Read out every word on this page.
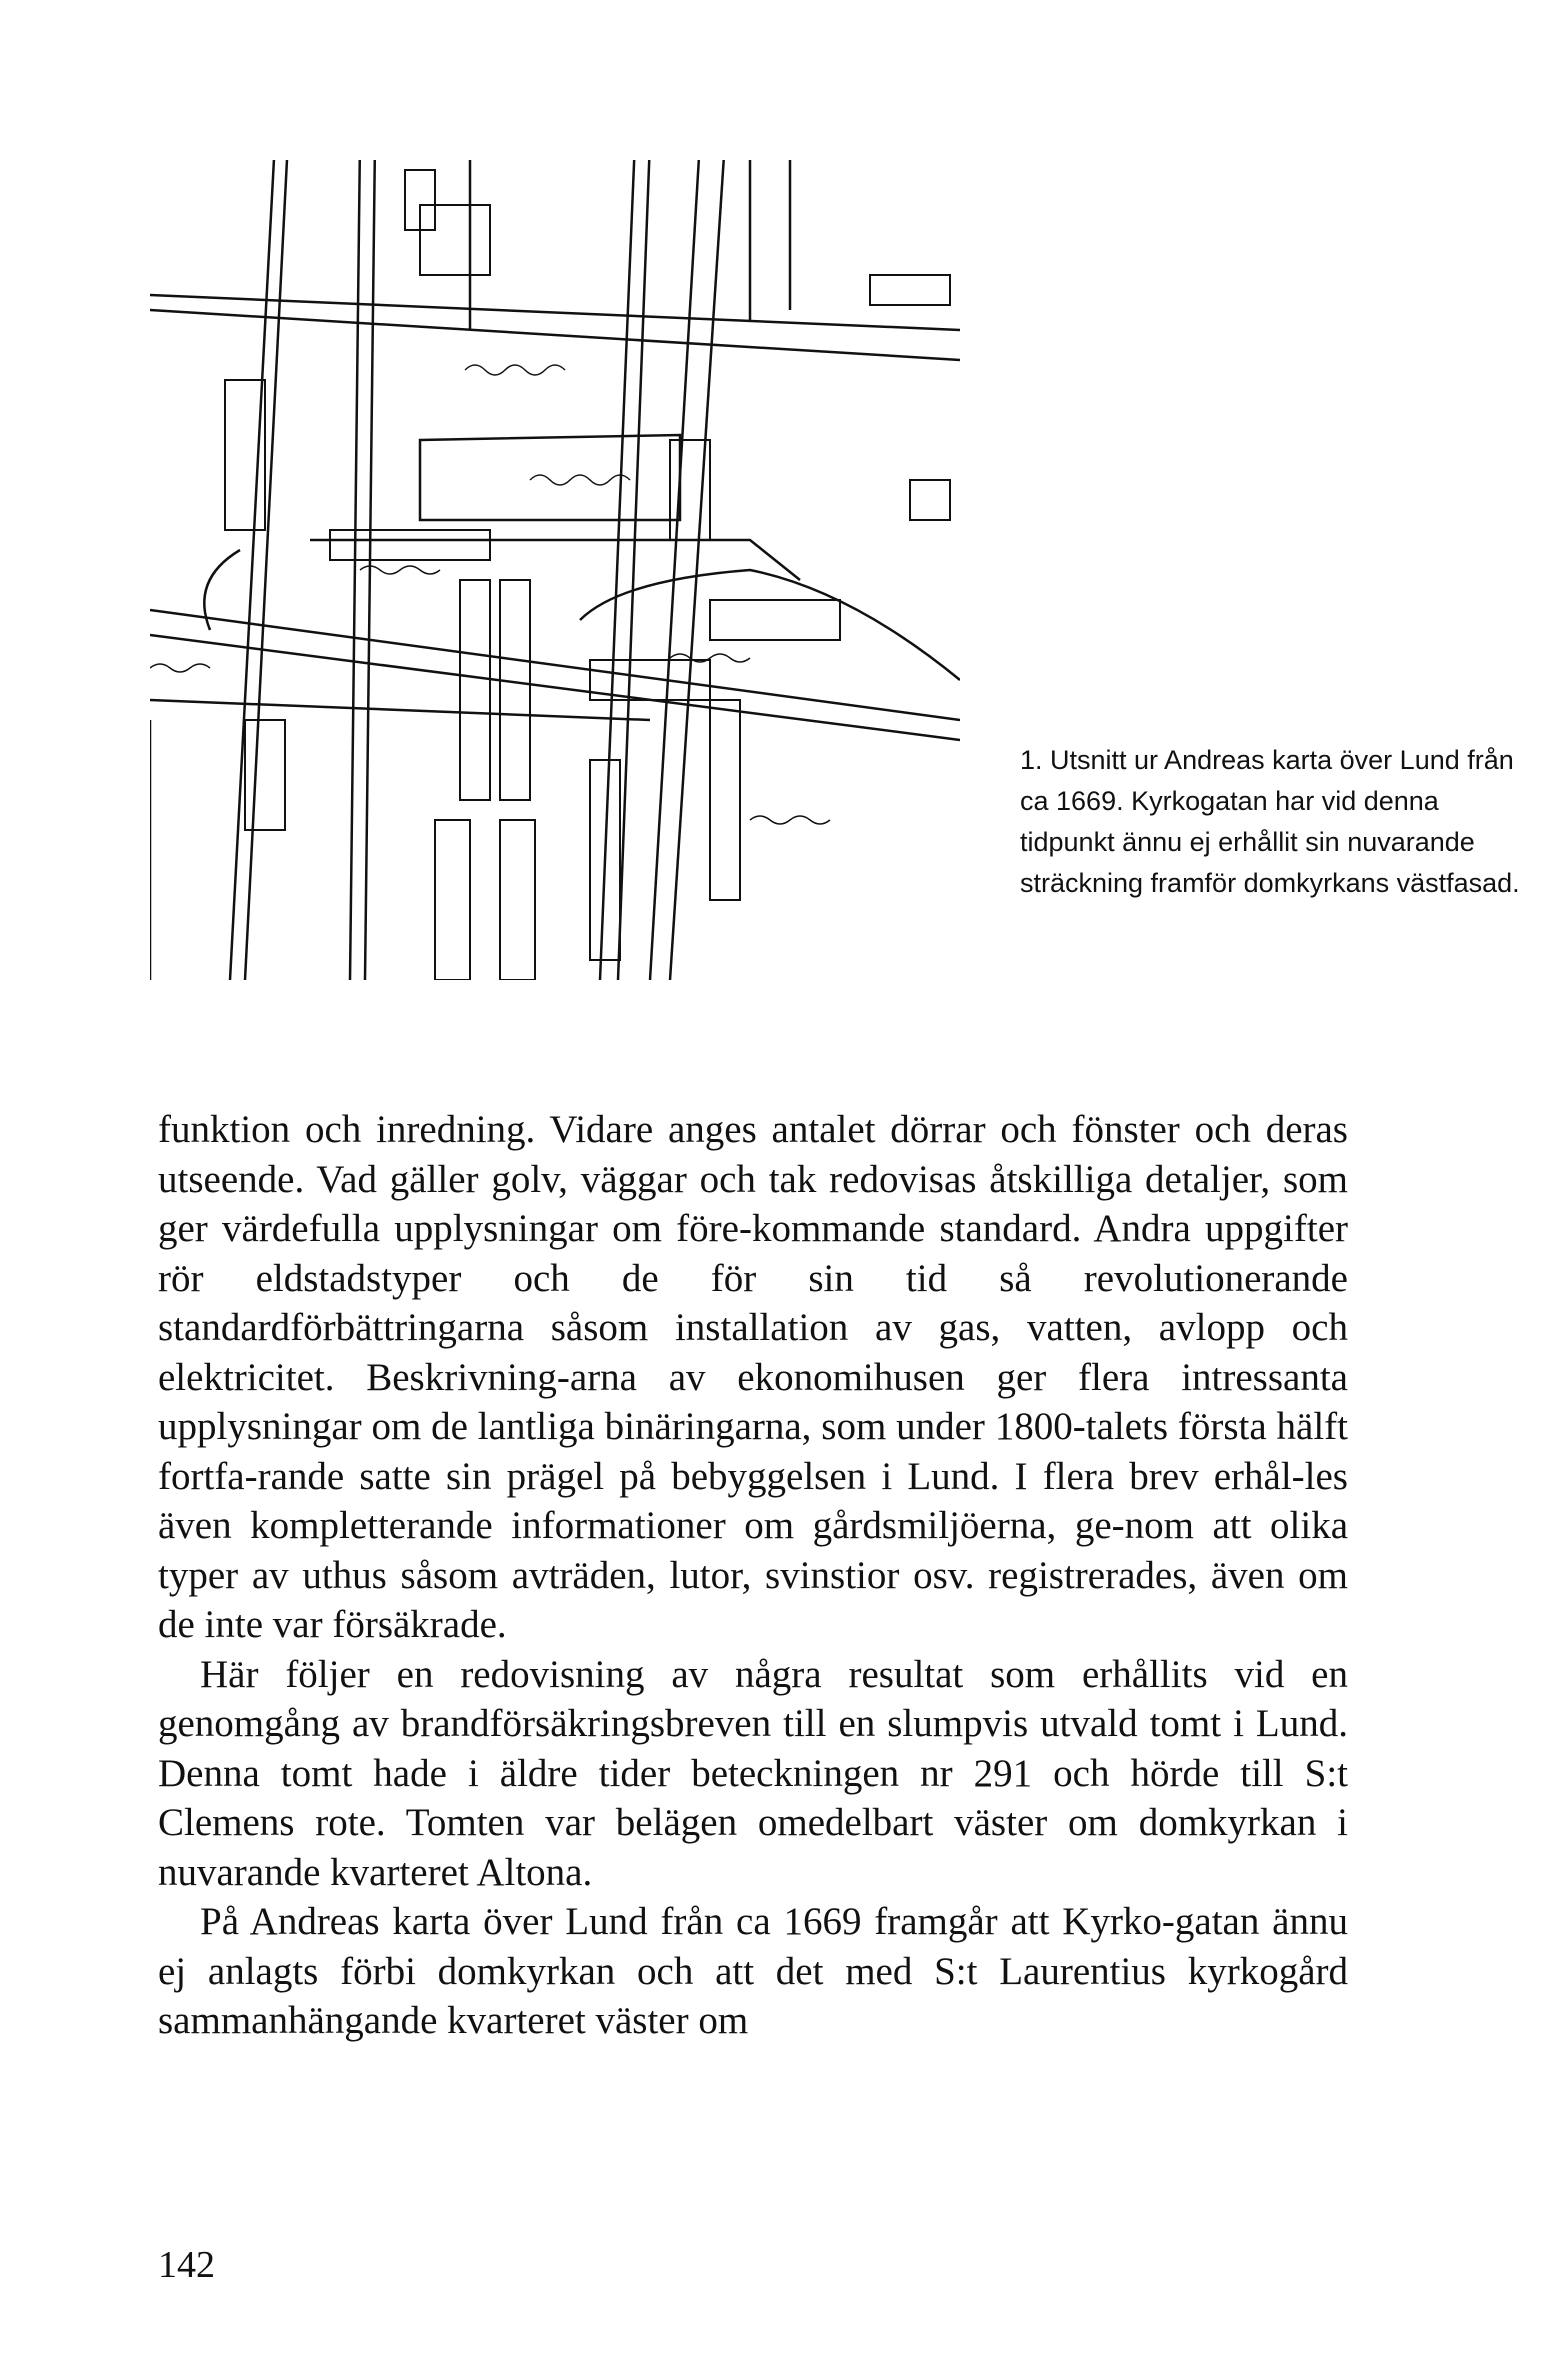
1. Utsnitt ur Andreas karta över Lund från ca 1669. Kyrkogatan har vid denna tidpunkt ännu ej erhållit sin nuvarande sträckning framför domkyrkans västfasad.

funktion och inredning. Vidare anges antalet dörrar och fönster och deras utseende. Vad gäller golv, väggar och tak redovisas åtskilliga detaljer, som ger värdefulla upplysningar om före-kommande standard. Andra uppgifter rör eldstadstyper och de för sin tid så revolutionerande standardförbättringarna såsom installation av gas, vatten, avlopp och elektricitet. Beskrivning-arna av ekonomihusen ger flera intressanta upplysningar om de lantliga binäringarna, som under 1800-talets första hälft fortfa-rande satte sin prägel på bebyggelsen i Lund. I flera brev erhål-les även kompletterande informationer om gårdsmiljöerna, ge-nom att olika typer av uthus såsom avträden, lutor, svinstior osv. registrerades, även om de inte var försäkrade.

Här följer en redovisning av några resultat som erhållits vid en genomgång av brandförsäkringsbreven till en slumpvis utvald tomt i Lund. Denna tomt hade i äldre tider beteckningen nr 291 och hörde till S:t Clemens rote. Tomten var belägen omedelbart väster om domkyrkan i nuvarande kvarteret Altona.

På Andreas karta över Lund från ca 1669 framgår att Kyrko-gatan ännu ej anlagts förbi domkyrkan och att det med S:t Laurentius kyrkogård sammanhängande kvarteret väster om

142
